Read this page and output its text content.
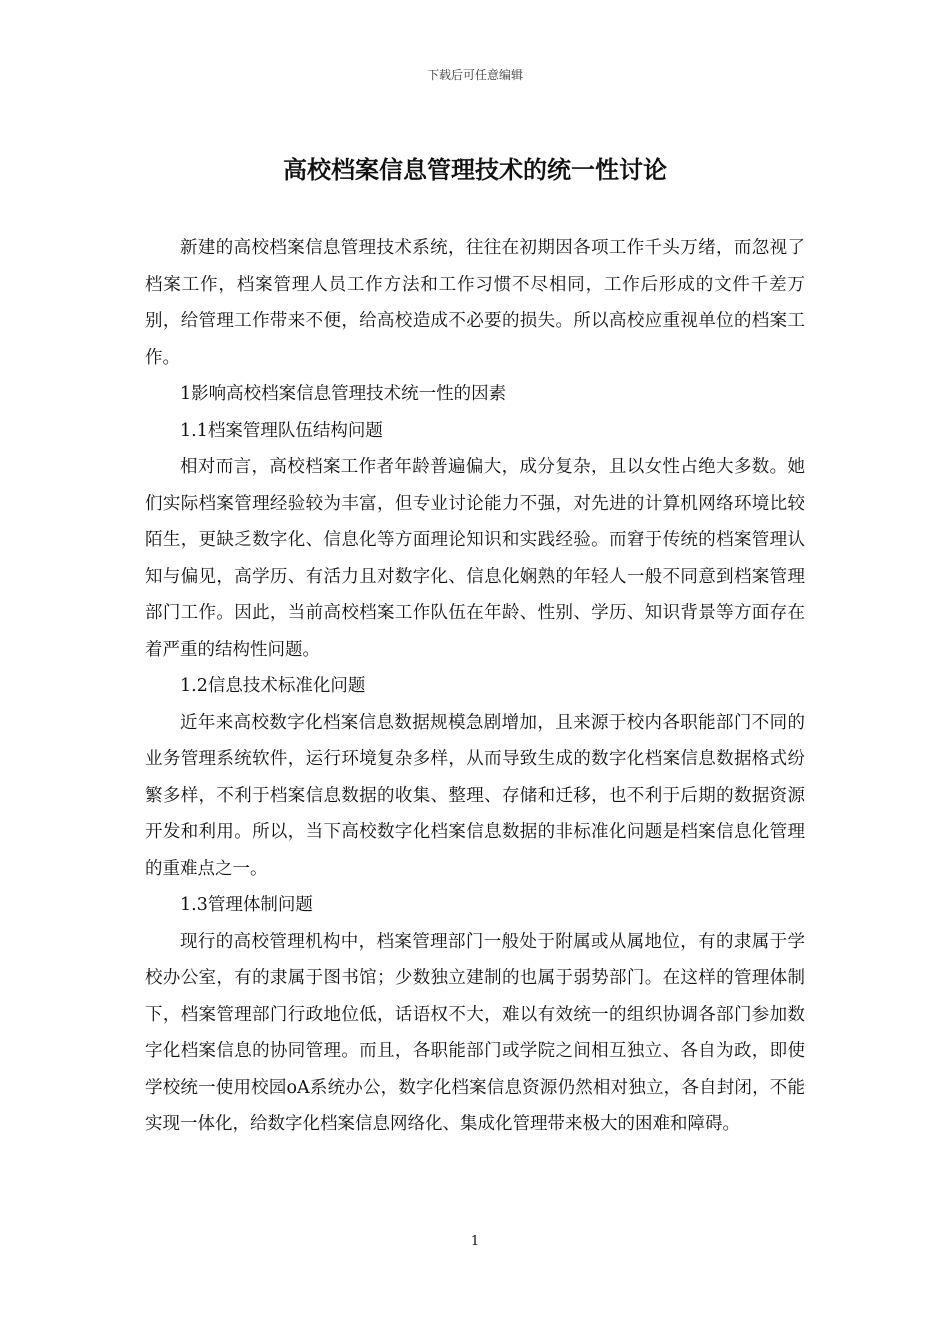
下载后可任意编辑
高校档案信息管理技术的统一性讨论

新建的高校档案信息管理技术系统，往往在初期因各项工作千头万绪，而忽视了档案工作，档案管理人员工作方法和工作习惯不尽相同，工作后形成的文件千差万别，给管理工作带来不便，给高校造成不必要的损失。所以高校应重视单位的档案工作。

1影响高校档案信息管理技术统一性的因素

1.1档案管理队伍结构问题

相对而言，高校档案工作者年龄普遍偏大，成分复杂，且以女性占绝大多数。她们实际档案管理经验较为丰富，但专业讨论能力不强，对先进的计算机网络环境比较陌生，更缺乏数字化、信息化等方面理论知识和实践经验。而窘于传统的档案管理认知与偏见，高学历、有活力且对数字化、信息化娴熟的年轻人一般不同意到档案管理部门工作。因此，当前高校档案工作队伍在年龄、性别、学历、知识背景等方面存在着严重的结构性问题。

1.2信息技术标准化问题

近年来高校数字化档案信息数据规模急剧增加，且来源于校内各职能部门不同的业务管理系统软件，运行环境复杂多样，从而导致生成的数字化档案信息数据格式纷繁多样，不利于档案信息数据的收集、整理、存储和迁移，也不利于后期的数据资源开发和利用。所以，当下高校数字化档案信息数据的非标准化问题是档案信息化管理的重难点之一。

1.3管理体制问题

现行的高校管理机构中，档案管理部门一般处于附属或从属地位，有的隶属于学校办公室，有的隶属于图书馆；少数独立建制的也属于弱势部门。在这样的管理体制下，档案管理部门行政地位低，话语权不大，难以有效统一的组织协调各部门参加数字化档案信息的协同管理。而且，各职能部门或学院之间相互独立、各自为政，即使学校统一使用校园oA系统办公，数字化档案信息资源仍然相对独立，各自封闭，不能实现一体化，给数字化档案信息网络化、集成化管理带来极大的困难和障碍。

1
